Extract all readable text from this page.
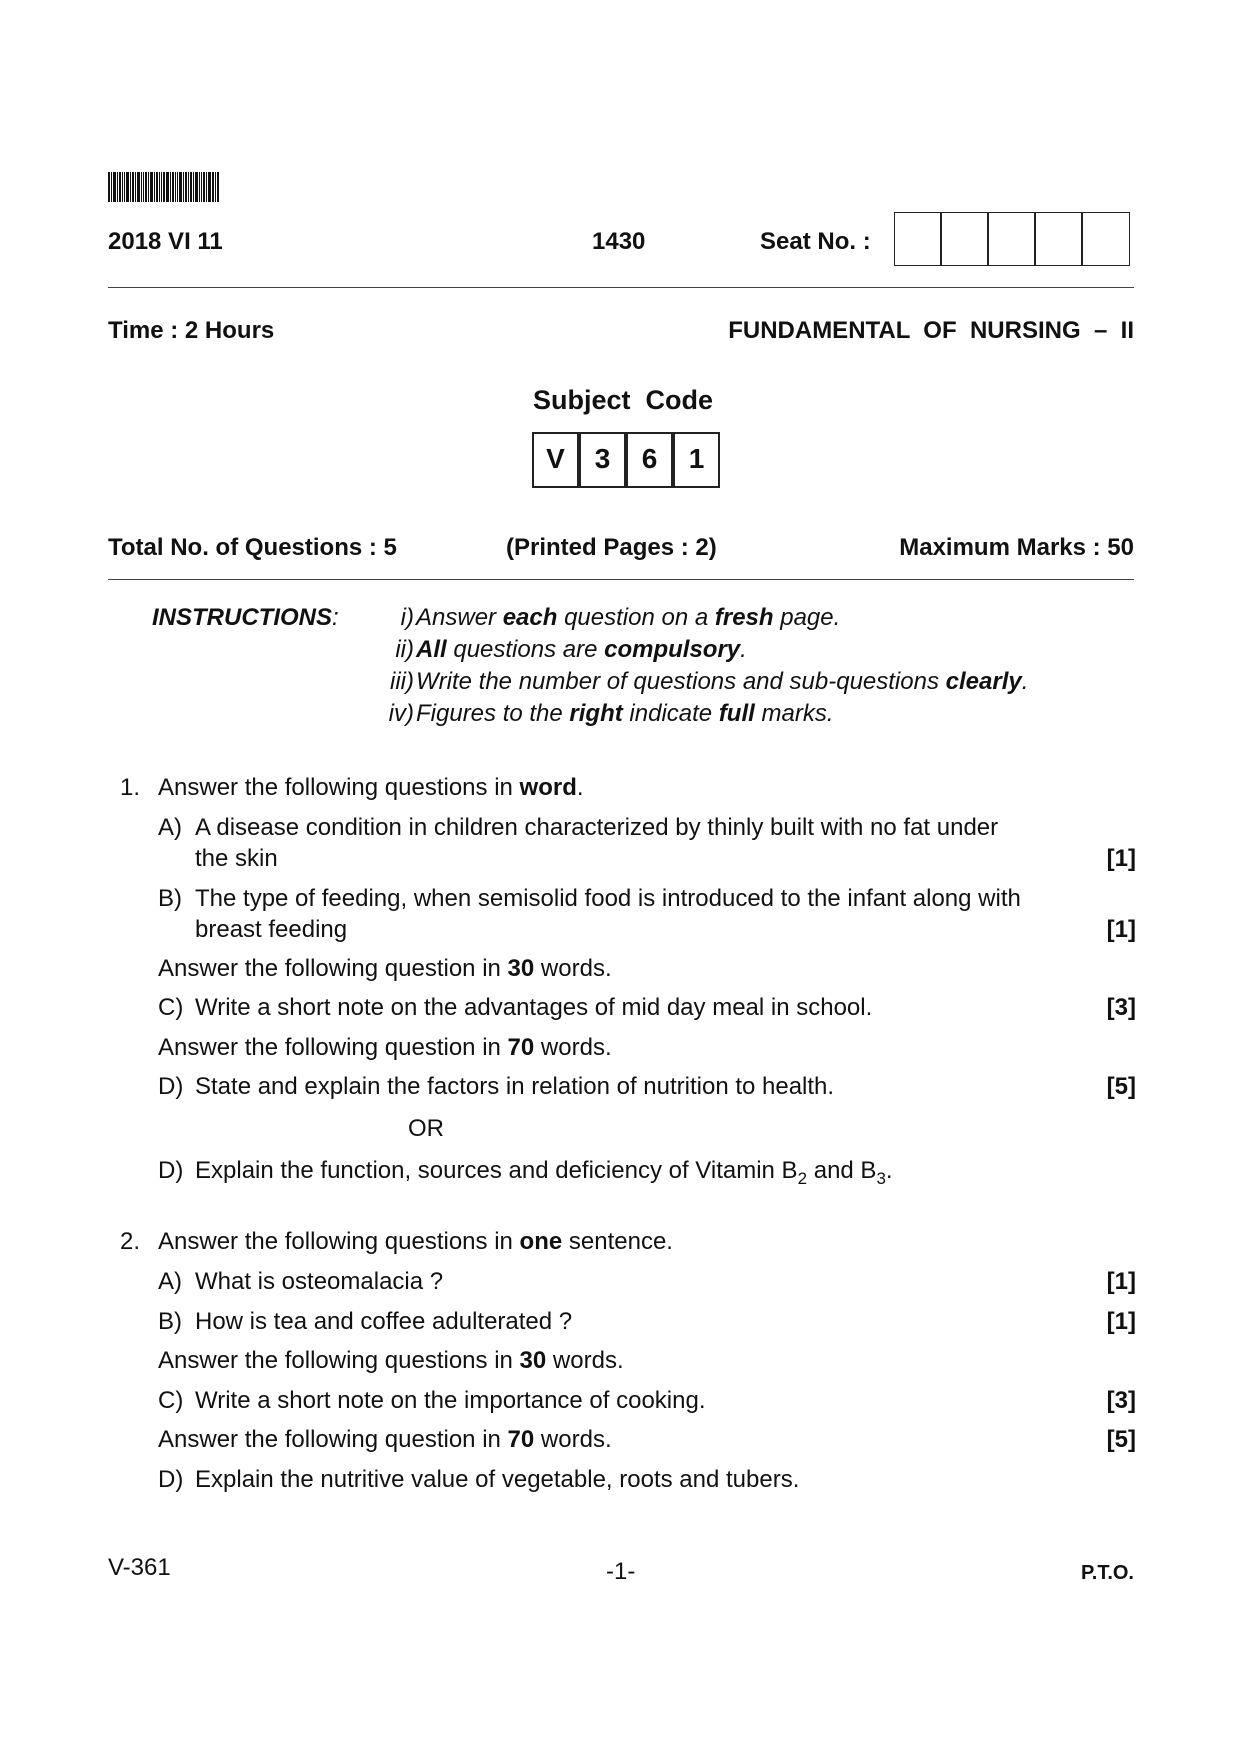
2018 VI 11	1430	Seat No. :
Time : 2 Hours	FUNDAMENTAL  OF  NURSING  –  II
Subject  Code
V	3	6	1
Total No. of Questions : 5	(Printed Pages : 2)	Maximum Marks : 50
INSTRUCTIONS:	i) Answer each question on a fresh page.
ii) All questions are compulsory.
iii) Write the number of questions and sub-questions clearly.
iv) Figures to the right indicate full marks.
1. Answer the following questions in word.
A) A disease condition in children characterized by thinly built with no fat under
the skin	[1]
B) The type of feeding, when semisolid food is introduced to the infant along with
breast feeding	[1]
Answer the following question in 30 words.
C) Write a short note on the advantages of mid day meal in school.	[3]
Answer the following question in 70 words.
D) State and explain the factors in relation of nutrition to health.	[5]
OR
D) Explain the function, sources and deficiency of Vitamin $B_2$ and $B_3$.
2. Answer the following questions in one sentence.
A) What is osteomalacia ?	[1]
B) How is tea and coffee adulterated ?	[1]
Answer the following questions in 30 words.
C) Write a short note on the importance of cooking.	[3]
Answer the following question in 70 words.	[5]
D) Explain the nutritive value of vegetable, roots and tubers.
V-361	-1-	P.T.O.
